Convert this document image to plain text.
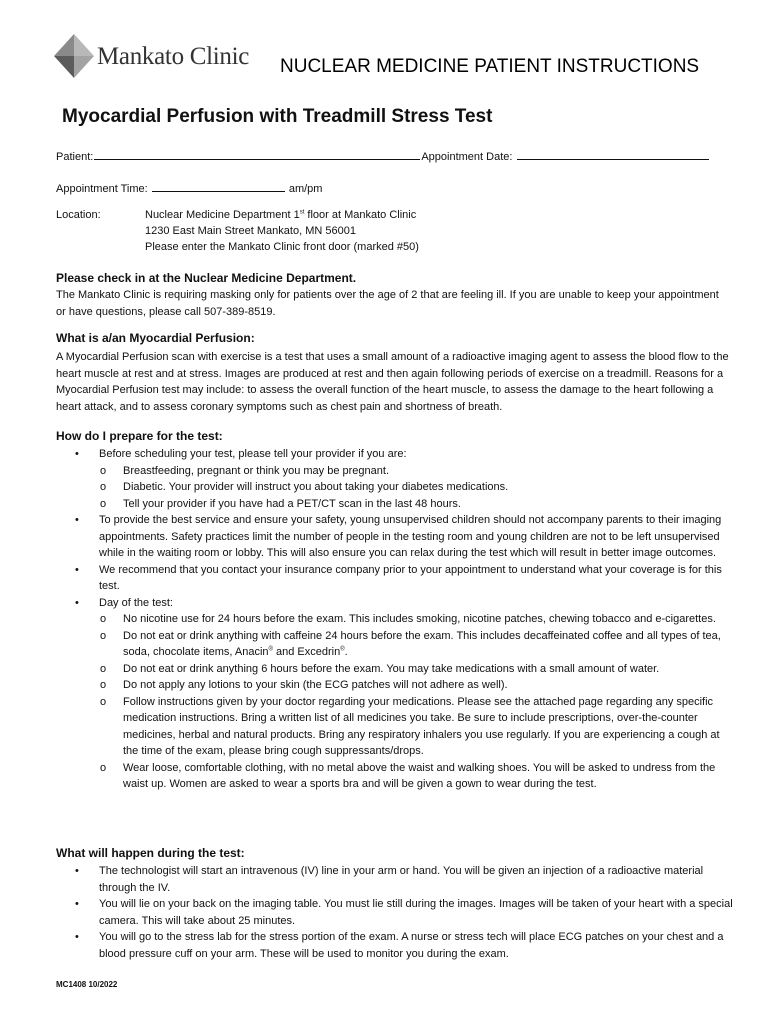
Mankato Clinic NUCLEAR MEDICINE PATIENT INSTRUCTIONS
Myocardial Perfusion with Treadmill Stress Test
Patient:	Appointment Date:
Appointment Time:	am/pm
Location:	Nuclear Medicine Department 1st floor at Mankato Clinic
1230 East Main Street Mankato, MN 56001
Please enter the Mankato Clinic front door (marked #50)
Please check in at the Nuclear Medicine Department.
The Mankato Clinic is requiring masking only for patients over the age of 2 that are feeling ill. If you are unable to keep your appointment or have questions, please call 507-389-8519.
What is a/an Myocardial Perfusion:
A Myocardial Perfusion scan with exercise is a test that uses a small amount of a radioactive imaging agent to assess the blood flow to the heart muscle at rest and at stress. Images are produced at rest and then again following periods of exercise on a treadmill. Reasons for a Myocardial Perfusion test may include: to assess the overall function of the heart muscle, to assess the damage to the heart following a heart attack, and to assess coronary symptoms such as chest pain and shortness of breath.
How do I prepare for the test:
• Before scheduling your test, please tell your provider if you are:
o Breastfeeding, pregnant or think you may be pregnant.
o Diabetic. Your provider will instruct you about taking your diabetes medications.
o Tell your provider if you have had a PET/CT scan in the last 48 hours.
• To provide the best service and ensure your safety, young unsupervised children should not accompany parents to their imaging appointments. Safety practices limit the number of people in the testing room and young children are not to be left unsupervised while in the waiting room or lobby. This will also ensure you can relax during the test which will result in better image outcomes.
• We recommend that you contact your insurance company prior to your appointment to understand what your coverage is for this test.
• Day of the test:
o No nicotine use for 24 hours before the exam. This includes smoking, nicotine patches, chewing tobacco and e-cigarettes.
o Do not eat or drink anything with caffeine 24 hours before the exam. This includes decaffeinated coffee and all types of tea, soda, chocolate items, Anacin® and Excedrin®.
o Do not eat or drink anything 6 hours before the exam. You may take medications with a small amount of water.
o Do not apply any lotions to your skin (the ECG patches will not adhere as well).
o Follow instructions given by your doctor regarding your medications. Please see the attached page regarding any specific medication instructions. Bring a written list of all medicines you take. Be sure to include prescriptions, over-the-counter medicines, herbal and natural products. Bring any respiratory inhalers you use regularly. If you are experiencing a cough at the time of the exam, please bring cough suppressants/drops.
o Wear loose, comfortable clothing, with no metal above the waist and walking shoes. You will be asked to undress from the waist up. Women are asked to wear a sports bra and will be given a gown to wear during the test.
What will happen during the test:
• The technologist will start an intravenous (IV) line in your arm or hand. You will be given an injection of a radioactive material through the IV.
• You will lie on your back on the imaging table. You must lie still during the images. Images will be taken of your heart with a special camera. This will take about 25 minutes.
• You will go to the stress lab for the stress portion of the exam. A nurse or stress tech will place ECG patches on your chest and a blood pressure cuff on your arm. These will be used to monitor you during the exam.
MC1408 10/2022
